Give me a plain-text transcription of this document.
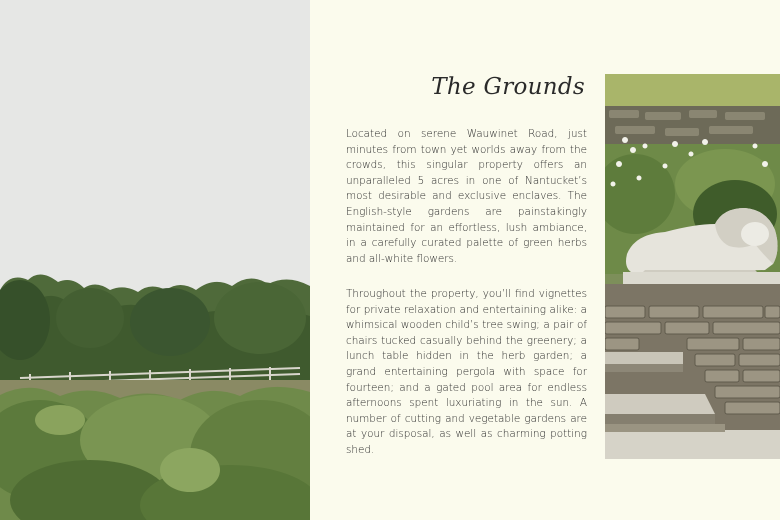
The Grounds

Located on serene Wauwinet Road, just minutes from town yet worlds away from the crowds, this singular property offers an unparalleled 5 acres in one of Nantucket’s most desirable and exclusive enclaves. The English-style gardens are painstakingly maintained for an effortless, lush ambiance, in a carefully curated palette of green herbs and all-white flowers.

Throughout the property, you’ll find vignettes for private relaxation and entertaining alike: a whimsical wooden child’s tree swing; a pair of chairs tucked casually behind the greenery; a lunch table hidden in the herb garden; a grand entertaining pergola with space for fourteen; and a gated pool area for endless afternoons spent luxuriating in the sun. A number of cutting and vegetable gardens are at your disposal, as well as charming potting shed.
